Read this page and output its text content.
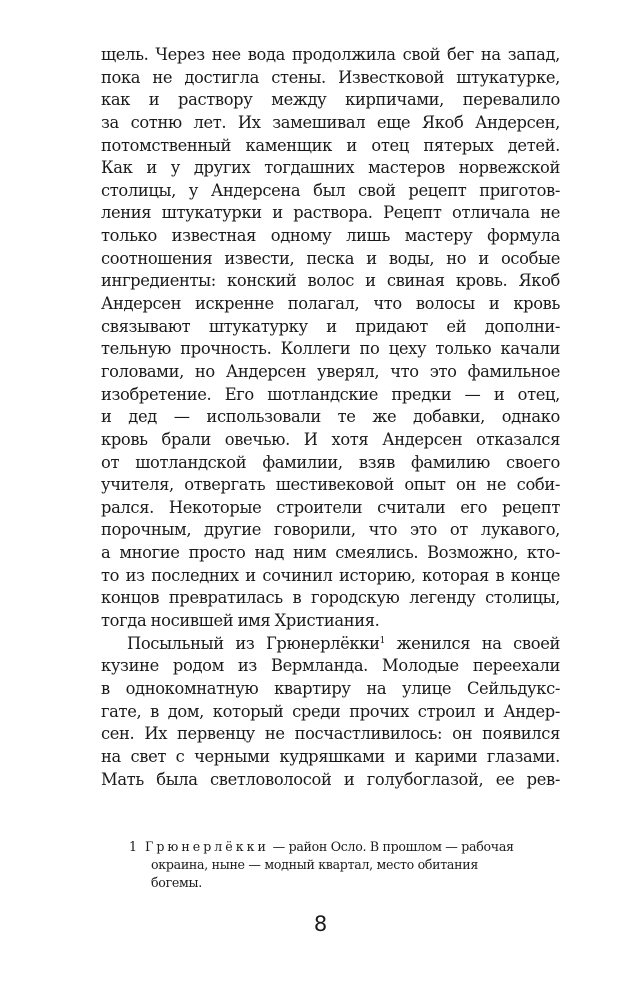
щель. Через нее вода продолжила свой бег на запад,
пока не достигла стены. Известковой штукатурке,
как и раствору между кирпичами, перевалило
за сотню лет. Их замешивал еще Якоб Андерсен,
потомственный каменщик и отец пятерых детей.
Как и у других тогдашних мастеров норвежской
столицы, у Андерсена был свой рецепт приготов-
ления штукатурки и раствора. Рецепт отличала не
только известная одному лишь мастеру формула
соотношения извести, песка и воды, но и особые
ингредиенты: конский волос и свиная кровь. Якоб
Андерсен искренне полагал, что волосы и кровь
связывают штукатурку и придают ей дополни-
тельную прочность. Коллеги по цеху только качали
головами, но Андерсен уверял, что это фамильное
изобретение. Его шотландские предки — и отец,
и дед — использовали те же добавки, однако
кровь брали овечью. И хотя Андерсен отказался
от шотландской фамилии, взяв фамилию своего
учителя, отвергать шестивековой опыт он не соби-
рался. Некоторые строители считали его рецепт
порочным, другие говорили, что это от лукавого,
а многие просто над ним смеялись. Возможно, кто-
то из последних и сочинил историю, которая в конце
концов превратилась в городскую легенду столицы,
тогда носившей имя Христиания.
Посыльный из Грюнерлёкки$^1$ женился на своей
кузине родом из Вермланда. Молодые переехали
в однокомнатную квартиру на улице Сейльдукс-
гате, в дом, который среди прочих строил и Андер-
сен. Их первенцу не посчастливилось: он появился
на свет с черными кудряшками и карими глазами.
Мать была светловолосой и голубоглазой, ее рев-
1 Грюнерлёкки — район Осло. В прошлом — рабочая
окраина, ныне — модный квартал, место обитания
богемы.
8
